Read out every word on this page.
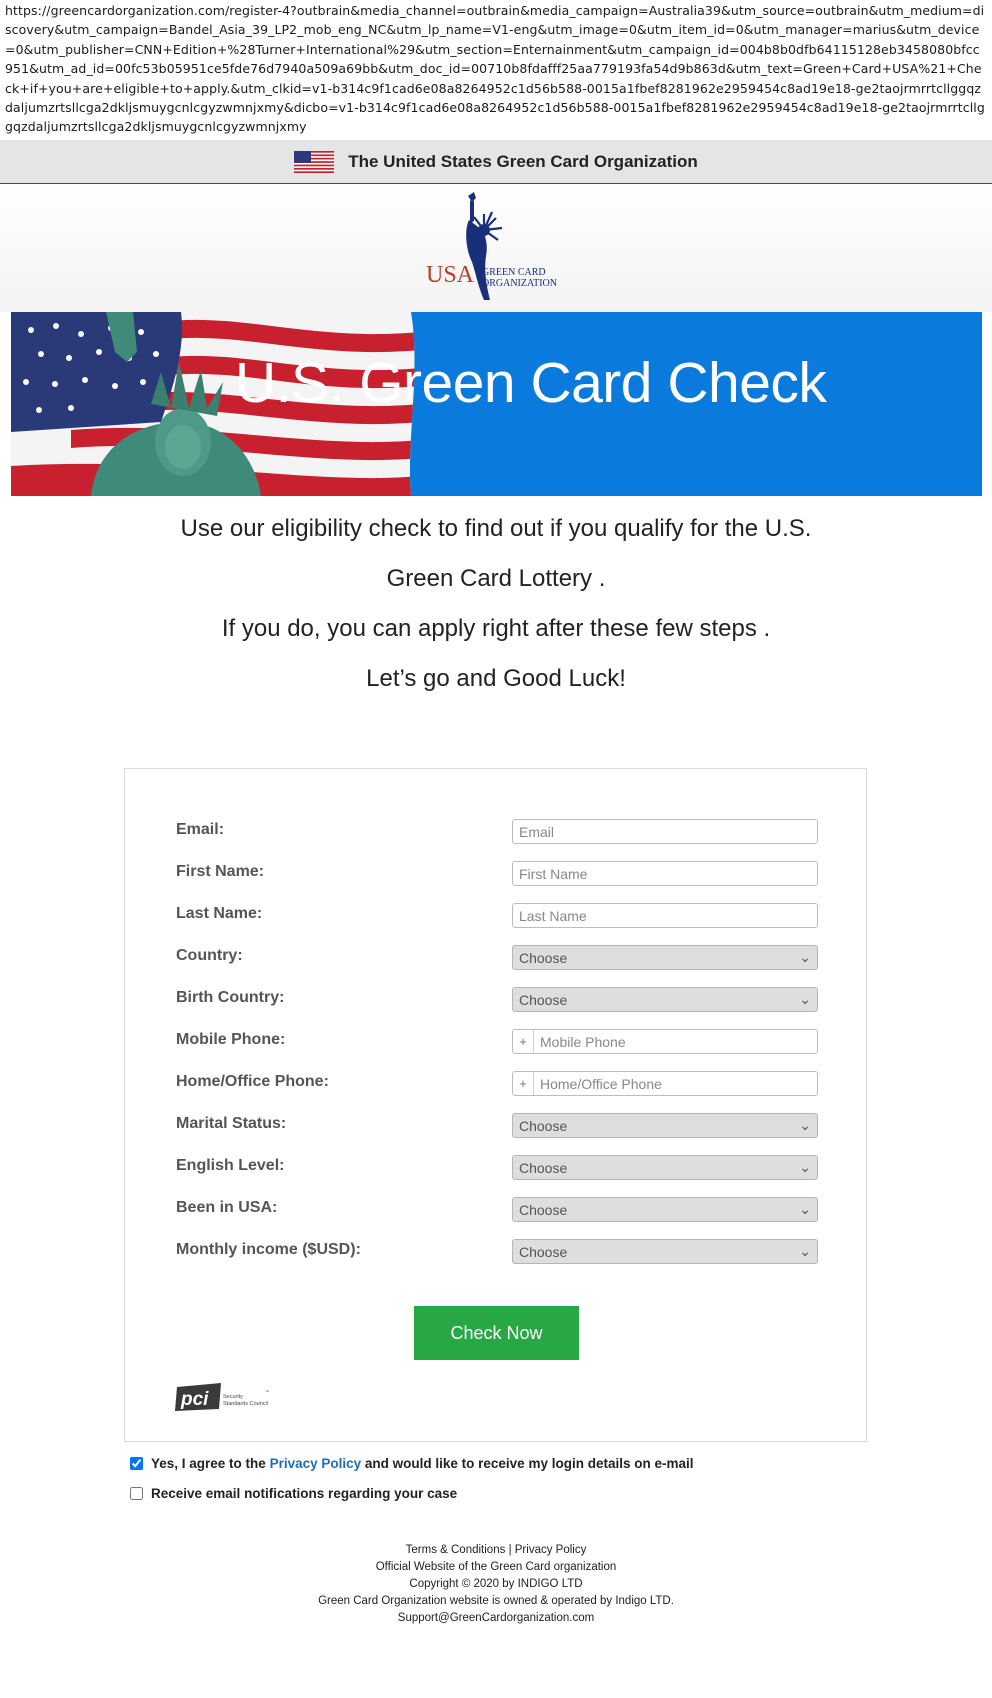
https://greencardorganization.com/register-4?outbrain&media_channel=outbrain&media_campaign=Australia39&utm_source=outbrain&utm_medium=discovery&utm_campaign=Bandel_Asia_39_LP2_mob_eng_NC&utm_lp_name=V1-eng&utm_image=0&utm_item_id=0&utm_manager=marius&utm_device=0&utm_publisher=CNN+Edition+%28Turner+International%29&utm_section=Enternainment&utm_campaign_id=004b8b0dfb64115128eb3458080bfcc951&utm_ad_id=00fc53b05951ce5fde76d7940a509a69bb&utm_doc_id=00710b8fdafff25aa779193fa54d9b863d&utm_text=Green+Card+USA%21+Check+if+you+are+eligible+to+apply.&utm_clkid=v1-b314c9f1cad6e08a8264952c1d56b588-0015a1fbef8281962e2959454c8ad19e18-ge2taojrmrrtcllggqzdaljumzrtsllcga2dkljsmuygcnlcgyzwmnjxmy&dicbo=v1-b314c9f1cad6e08a8264952c1d56b588-0015a1fbef8281962e2959454c8ad19e18-ge2taojrmrrtcllggqzdaljumzrtsllcga2dkljsmuygcnlcgyzwmnjxmy
The United States Green Card Organization
USA GREEN CARD
ORGANIZATION
U.S. Green Card Check
Use our eligibility check to find out if you qualify for the U.S.
Green Card Lottery .
If you do, you can apply right after these few steps .
Let’s go and Good Luck!
Email:
Email
First Name:
First Name
Last Name:
Last Name
Country:	Choose	⌄
Birth Country:	Choose	⌄
Mobile Phone:	+
Mobile Phone
Home/Office Phone:	+
Home/Office Phone
Marital Status:	Choose	⌄
English Level:	Choose	⌄
Been in USA:	Choose	⌄
Monthly income ($USD):	Choose	⌄
Check Now
pci	Security
Standards Council
™
Yes, I agree to the Privacy Policy and would like to receive my login details on e-mail
Receive email notifications regarding your case
Terms & Conditions | Privacy Policy
Official Website of the Green Card organization
Copyright © 2020 by INDIGO LTD
Green Card Organization website is owned & operated by Indigo LTD.
Support@GreenCardorganization.com
